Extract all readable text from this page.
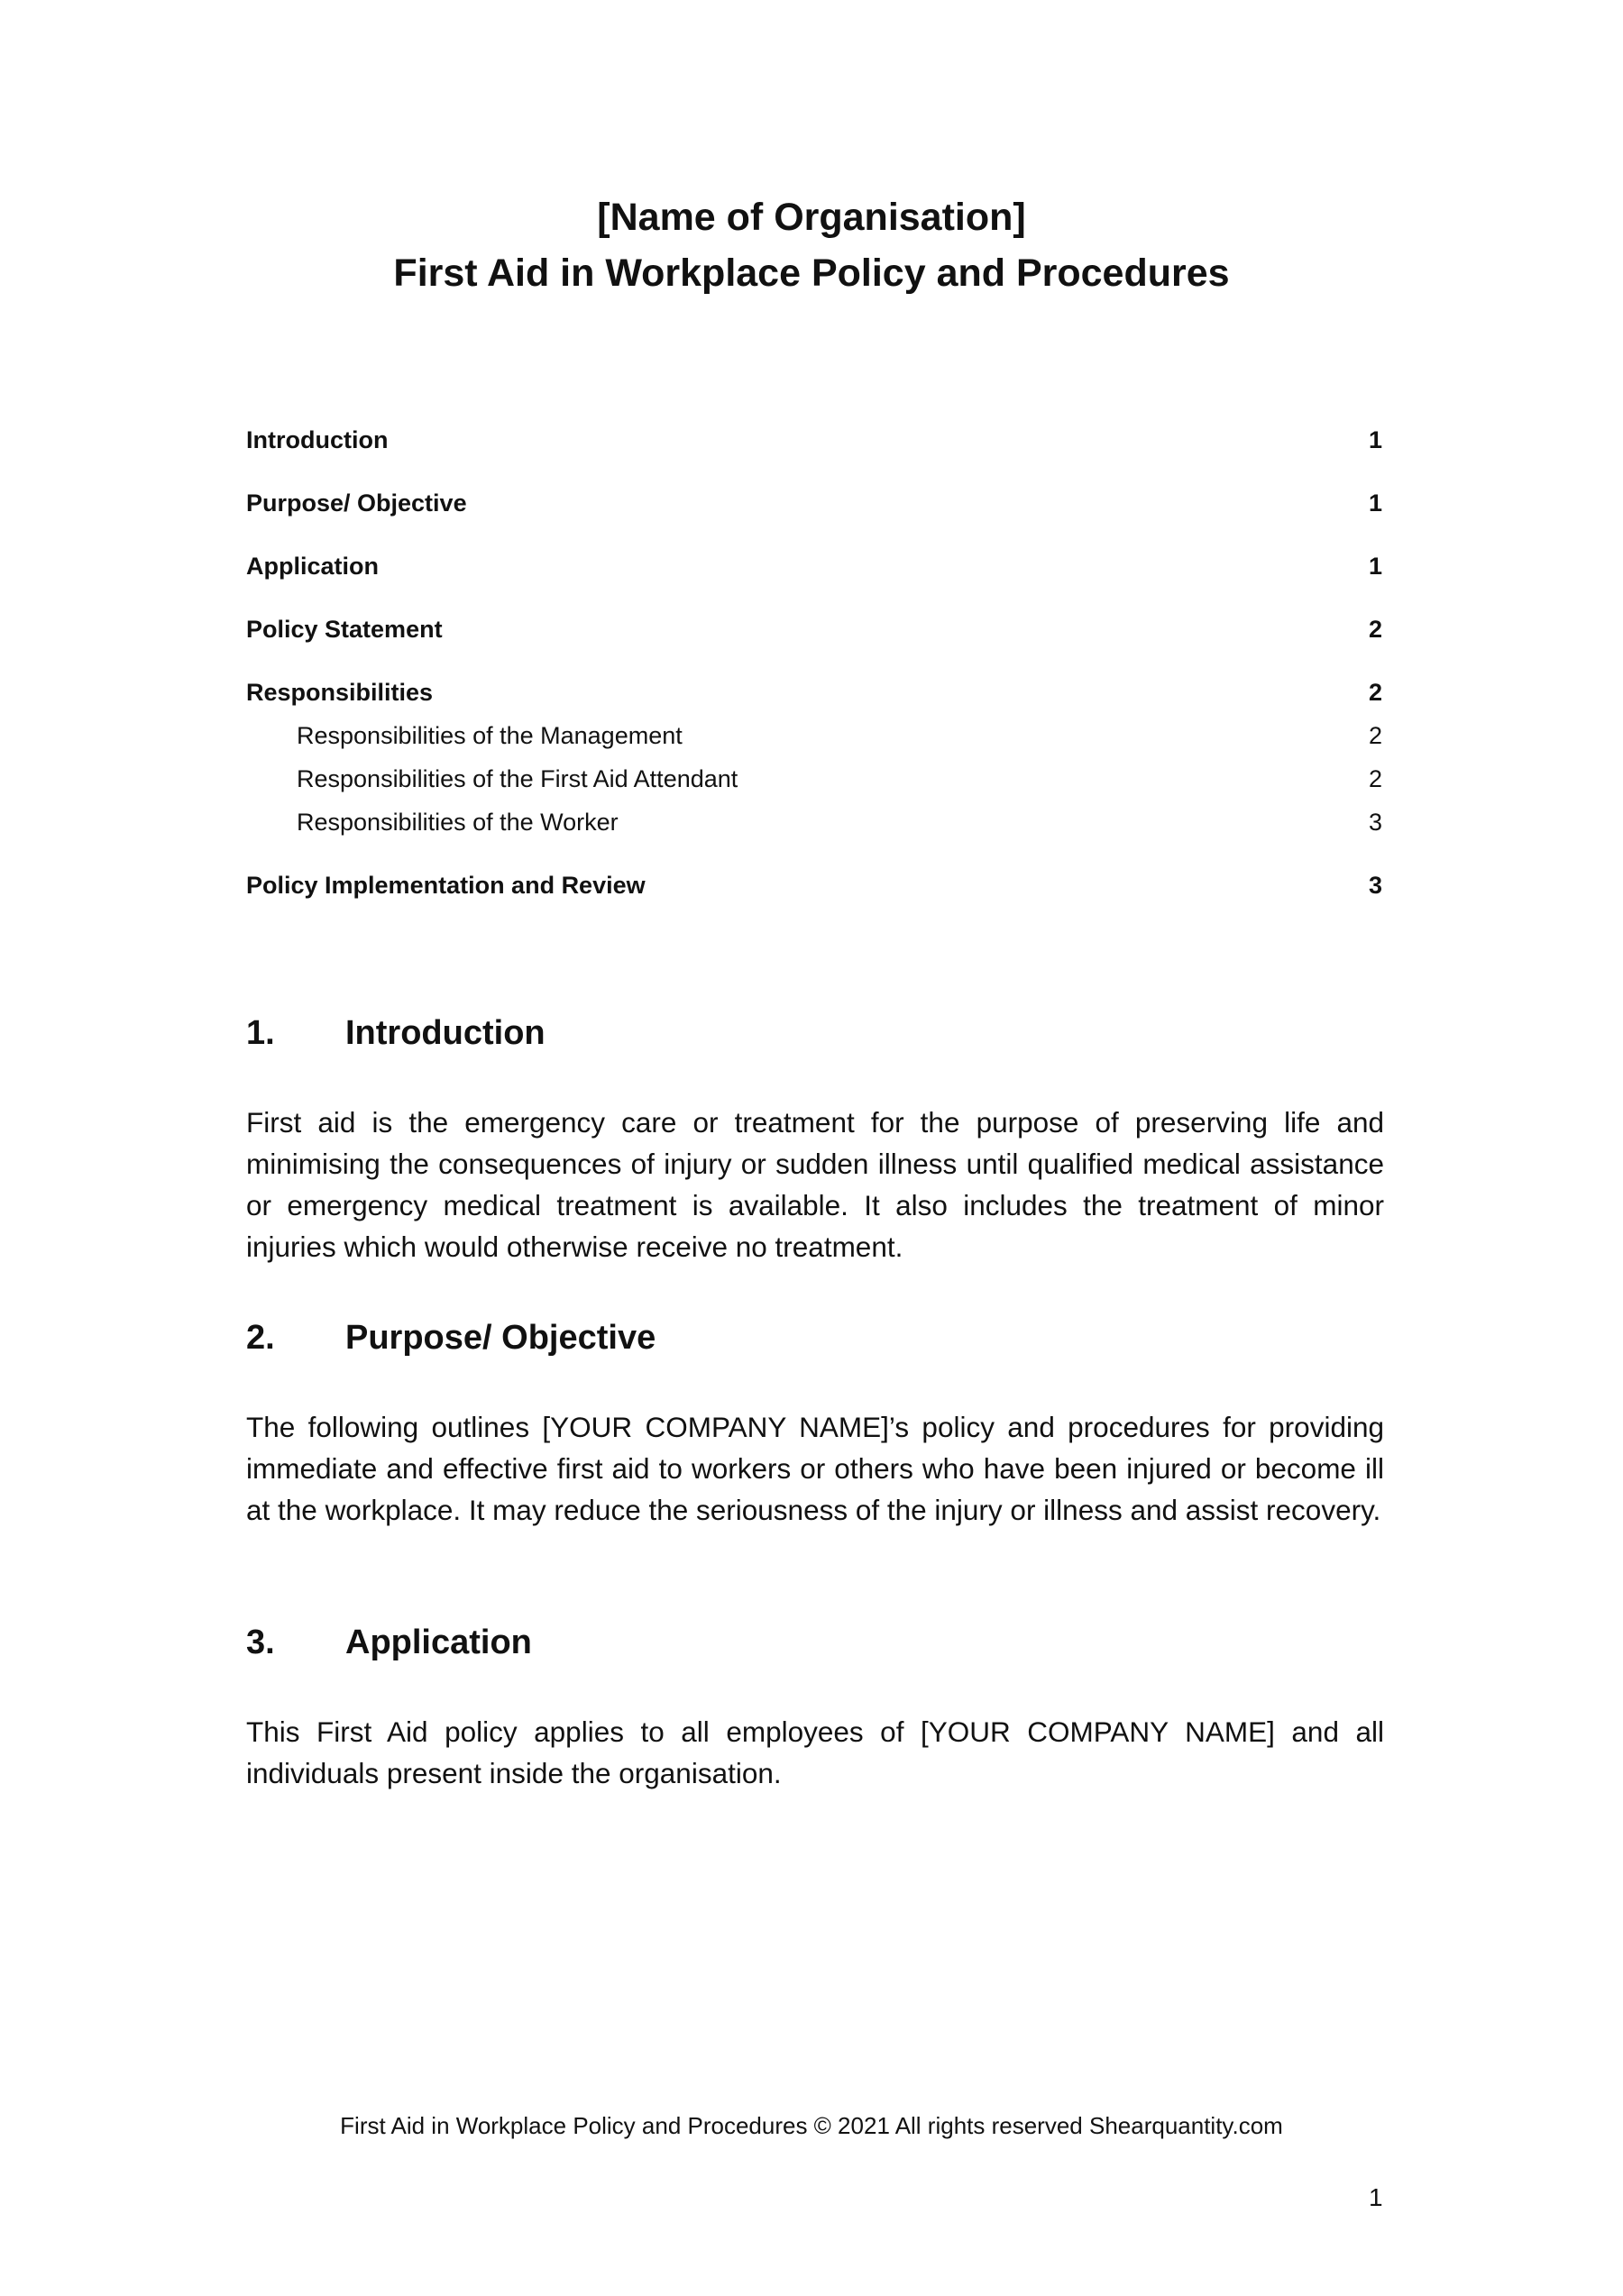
[Name of Organisation]
First Aid in Workplace Policy and Procedures
Introduction	1
Purpose/ Objective	1
Application	1
Policy Statement	2
Responsibilities	2
Responsibilities of the Management	2
Responsibilities of the First Aid Attendant	2
Responsibilities of the Worker	3
Policy Implementation and Review	3
1.	Introduction
First aid is the emergency care or treatment for the purpose of preserving life and minimising the consequences of injury or sudden illness until qualified medical assistance or emergency medical treatment is available. It also includes the treatment of minor injuries which would otherwise receive no treatment.
2.	Purpose/ Objective
The following outlines [YOUR COMPANY NAME]’s policy and procedures for providing immediate and effective first aid to workers or others who have been injured or become ill at the workplace. It may reduce the seriousness of the injury or illness and assist recovery.
3.	Application
This First Aid policy applies to all employees of [YOUR COMPANY NAME] and all individuals present inside the organisation.
First Aid in Workplace Policy and Procedures © 2021 All rights reserved Shearquantity.com
1
